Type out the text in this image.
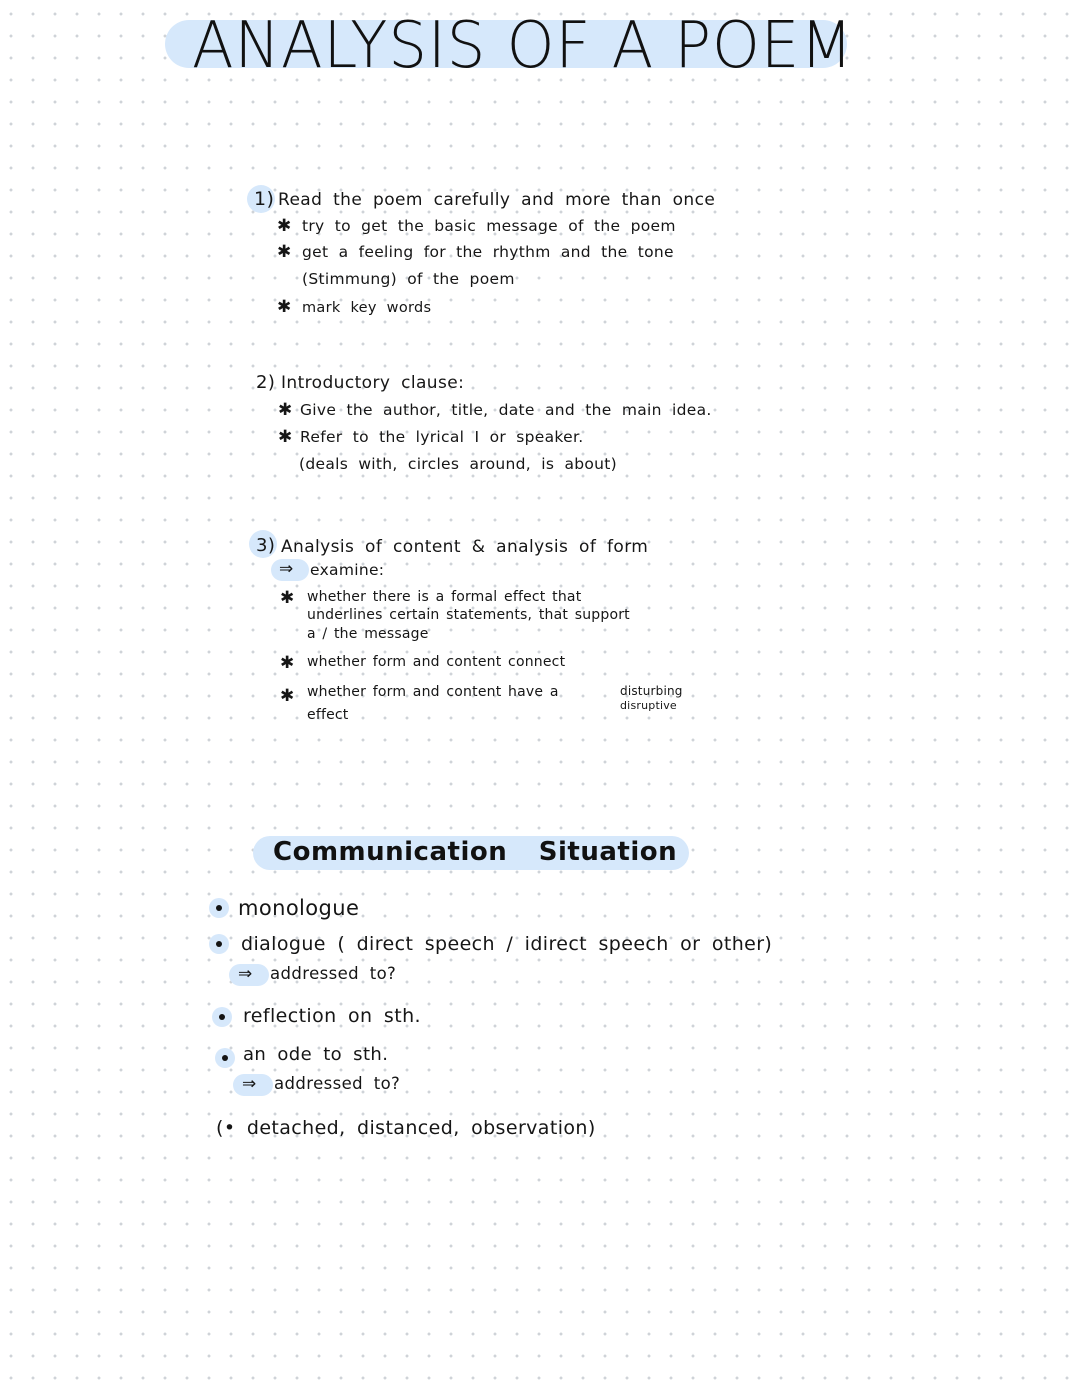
ANALYSIS OF A POEM
1) Read the poem carefully and more than once
✱ try to get the basic message of the poem
✱ get a feeling for the rhythm and the tone
(Stimmung) of the poem
✱ mark key words
2) Introductory clause:
✱ Give the author, title, date and the main idea.
✱ Refer to the lyrical I or speaker.
(deals with, circles around, is about)
3) Analysis of content & analysis of form
⇒ examine:
✱ whether there is a formal effect that
underlines certain statements, that support
a / the message
✱ whether form and content connect
✱ whether form and content have a	disturbing
disruptive
effect
Communication Situation
monologue
dialogue ( direct speech / idirect speech or other)
⇒ addressed to?
reflection on sth.
an ode to sth.
⇒ addressed to?
(• detached, distanced, observation)
